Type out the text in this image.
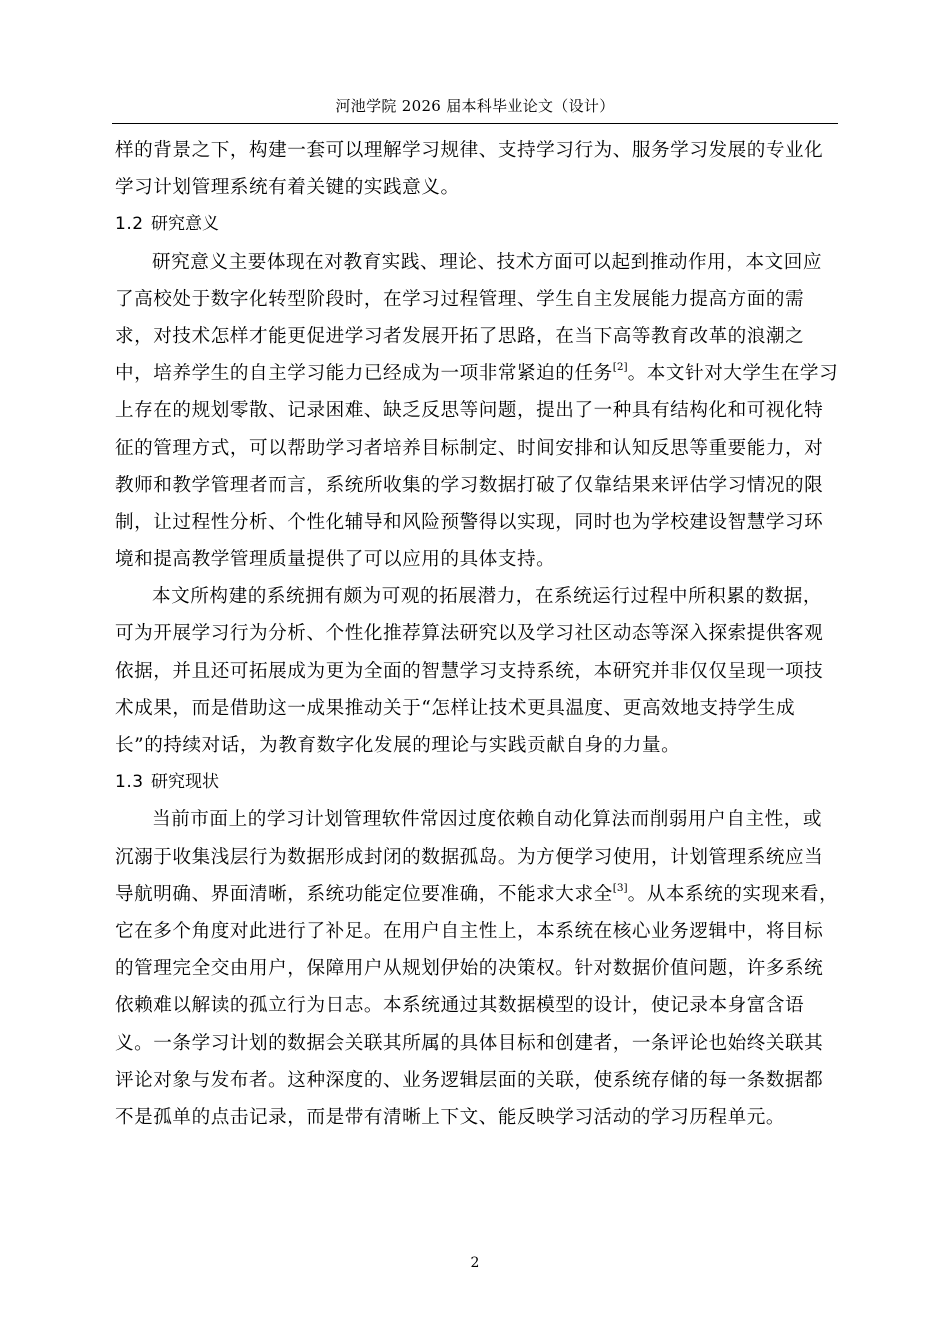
河池学院 2026 届本科毕业论文（设计）
样的背景之下，构建一套可以理解学习规律、支持学习行为、服务学习发展的专业化
学习计划管理系统有着关键的实践意义。
1.2 研究意义
研究意义主要体现在对教育实践、理论、技术方面可以起到推动作用，本文回应
了高校处于数字化转型阶段时，在学习过程管理、学生自主发展能力提高方面的需
求，对技术怎样才能更促进学习者发展开拓了思路，在当下高等教育改革的浪潮之
中，培养学生的自主学习能力已经成为一项非常紧迫的任务[2]。本文针对大学生在学习
上存在的规划零散、记录困难、缺乏反思等问题，提出了一种具有结构化和可视化特
征的管理方式，可以帮助学习者培养目标制定、时间安排和认知反思等重要能力，对
教师和教学管理者而言，系统所收集的学习数据打破了仅靠结果来评估学习情况的限
制，让过程性分析、个性化辅导和风险预警得以实现，同时也为学校建设智慧学习环
境和提高教学管理质量提供了可以应用的具体支持。
本文所构建的系统拥有颇为可观的拓展潜力，在系统运行过程中所积累的数据，
可为开展学习行为分析、个性化推荐算法研究以及学习社区动态等深入探索提供客观
依据，并且还可拓展成为更为全面的智慧学习支持系统，本研究并非仅仅呈现一项技
术成果，而是借助这一成果推动关于“怎样让技术更具温度、更高效地支持学生成
长”的持续对话，为教育数字化发展的理论与实践贡献自身的力量。
1.3 研究现状
当前市面上的学习计划管理软件常因过度依赖自动化算法而削弱用户自主性，或
沉溺于收集浅层行为数据形成封闭的数据孤岛。为方便学习使用，计划管理系统应当
导航明确、界面清晰，系统功能定位要准确，不能求大求全[3]。从本系统的实现来看，
它在多个角度对此进行了补足。在用户自主性上，本系统在核心业务逻辑中，将目标
的管理完全交由用户，保障用户从规划伊始的决策权。针对数据价值问题，许多系统
依赖难以解读的孤立行为日志。本系统通过其数据模型的设计，使记录本身富含语
义。一条学习计划的数据会关联其所属的具体目标和创建者，一条评论也始终关联其
评论对象与发布者。这种深度的、业务逻辑层面的关联，使系统存储的每一条数据都
不是孤单的点击记录，而是带有清晰上下文、能反映学习活动的学习历程单元。
2
